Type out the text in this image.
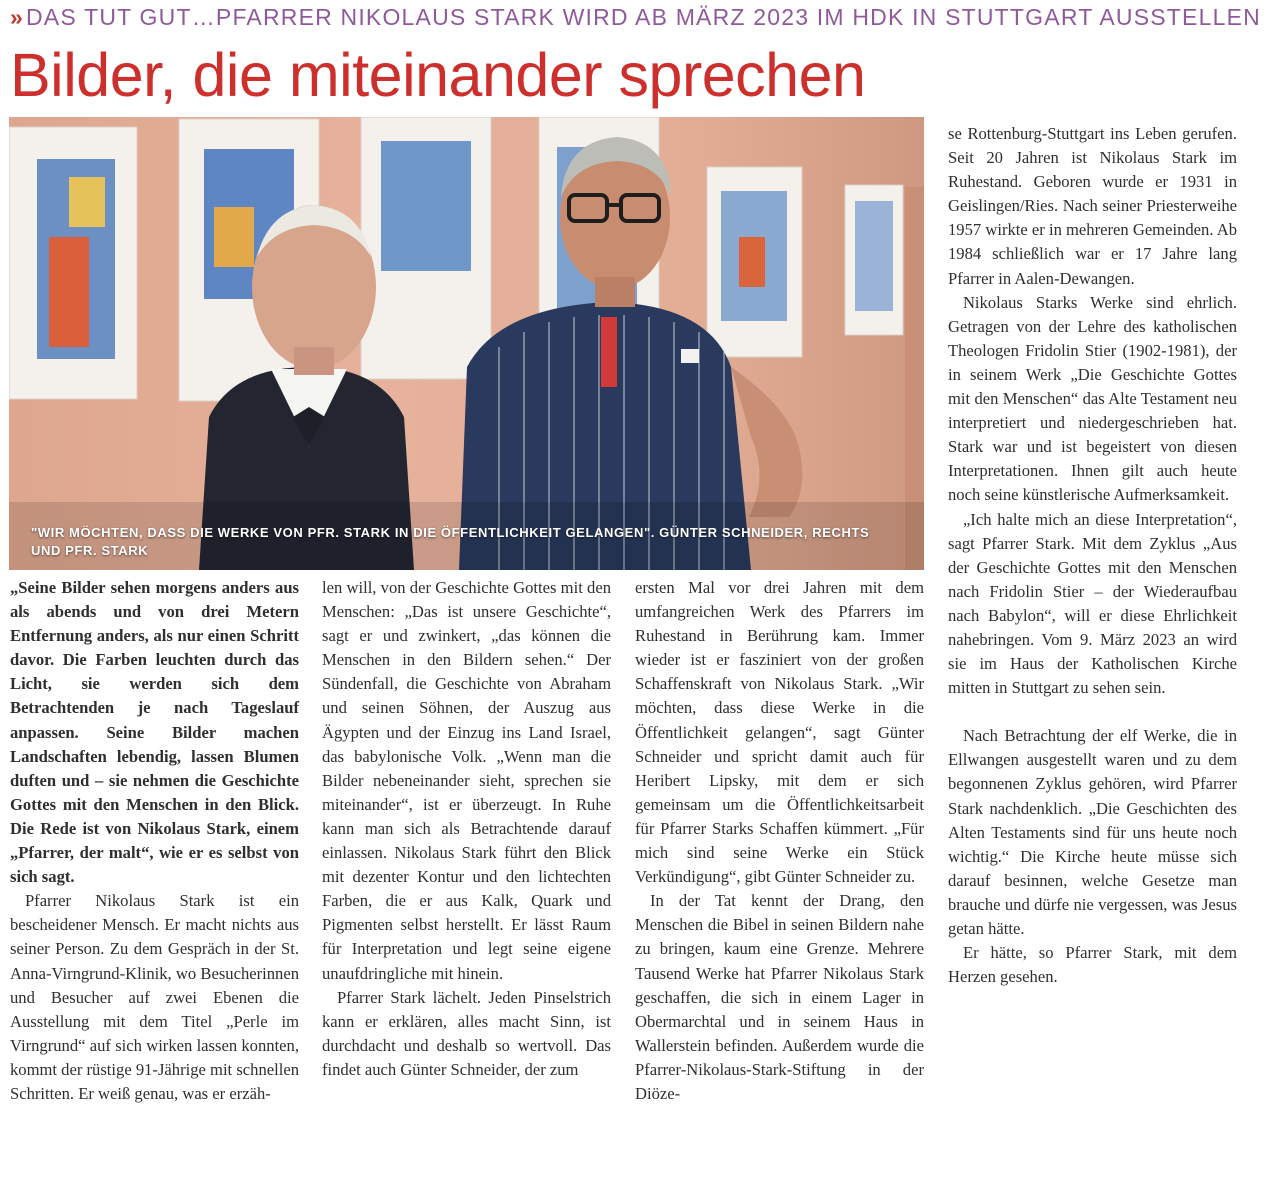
»DAS TUT GUT…PFARRER NIKOLAUS STARK WIRD AB MÄRZ 2023 IM HDK IN STUTTGART AUSSTELLEN
Bilder, die miteinander sprechen
"WIR MÖCHTEN, DASS DIE WERKE VON PFR. STARK IN DIE ÖFFENTLICHKEIT GELANGEN". GÜNTER SCHNEIDER, RECHTS UND PFR. STARK

„Seine Bilder sehen morgens anders aus als abends und von drei Metern Entfernung anders, als nur einen Schritt davor. Die Farben leuchten durch das Licht, sie werden sich dem Betrachtenden je nach Tageslauf anpassen. Seine Bilder machen Landschaften lebendig, lassen Blumen duften und – sie nehmen die Geschichte Gottes mit den Menschen in den Blick. Die Rede ist von Nikolaus Stark, einem „Pfarrer, der malt“, wie er es selbst von sich sagt.

Pfarrer Nikolaus Stark ist ein bescheidener Mensch. Er macht nichts aus seiner Person. Zu dem Gespräch in der St. Anna-Virngrund-Klinik, wo Besucherinnen und Besucher auf zwei Ebenen die Ausstellung mit dem Titel „Perle im Virngrund“ auf sich wirken lassen konnten, kommt der rüstige 91-Jährige mit schnellen Schritten. Er weiß genau, was er erzäh-

len will, von der Geschichte Gottes mit den Menschen: „Das ist unsere Geschichte“, sagt er und zwinkert, „das können die Menschen in den Bildern sehen.“ Der Sündenfall, die Geschichte von Abraham und seinen Söhnen, der Auszug aus Ägypten und der Einzug ins Land Israel, das babylonische Volk. „Wenn man die Bilder nebeneinander sieht, sprechen sie miteinander“, ist er überzeugt. In Ruhe kann man sich als Betrachtende darauf einlassen. Nikolaus Stark führt den Blick mit dezenter Kontur und den lichtechten Farben, die er aus Kalk, Quark und Pigmenten selbst herstellt. Er lässt Raum für Interpretation und legt seine eigene unaufdringliche mit hinein.

Pfarrer Stark lächelt. Jeden Pinselstrich kann er erklären, alles macht Sinn, ist durchdacht und deshalb so wertvoll. Das findet auch Günter Schneider, der zum

ersten Mal vor drei Jahren mit dem umfangreichen Werk des Pfarrers im Ruhestand in Berührung kam. Immer wieder ist er fasziniert von der großen Schaffenskraft von Nikolaus Stark. „Wir möchten, dass diese Werke in die Öffentlichkeit gelangen“, sagt Günter Schneider und spricht damit auch für Heribert Lipsky, mit dem er sich gemeinsam um die Öffentlichkeitsarbeit für Pfarrer Starks Schaffen kümmert. „Für mich sind seine Werke ein Stück Verkündigung“, gibt Günter Schneider zu.

In der Tat kennt der Drang, den Menschen die Bibel in seinen Bildern nahe zu bringen, kaum eine Grenze. Mehrere Tausend Werke hat Pfarrer Nikolaus Stark geschaffen, die sich in einem Lager in Obermarchtal und in seinem Haus in Wallerstein befinden. Außerdem wurde die Pfarrer-Nikolaus-Stark-Stiftung in der Diöze-

se Rottenburg-Stuttgart ins Leben gerufen. Seit 20 Jahren ist Nikolaus Stark im Ruhestand. Geboren wurde er 1931 in Geislingen/Ries. Nach seiner Priesterweihe 1957 wirkte er in mehreren Gemeinden. Ab 1984 schließlich war er 17 Jahre lang Pfarrer in Aalen-Dewangen.

Nikolaus Starks Werke sind ehrlich. Getragen von der Lehre des katholischen Theologen Fridolin Stier (1902-1981), der in seinem Werk „Die Geschichte Gottes mit den Menschen“ das Alte Testament neu interpretiert und niedergeschrieben hat. Stark war und ist begeistert von diesen Interpretationen. Ihnen gilt auch heute noch seine künstlerische Aufmerksamkeit.

„Ich halte mich an diese Interpretation“, sagt Pfarrer Stark. Mit dem Zyklus „Aus der Geschichte Gottes mit den Menschen nach Fridolin Stier – der Wiederaufbau nach Babylon“, will er diese Ehrlichkeit nahebringen. Vom 9. März 2023 an wird sie im Haus der Katholischen Kirche mitten in Stuttgart zu sehen sein.

Nach Betrachtung der elf Werke, die in Ellwangen ausgestellt waren und zu dem begonnenen Zyklus gehören, wird Pfarrer Stark nachdenklich. „Die Geschichten des Alten Testaments sind für uns heute noch wichtig.“ Die Kirche heute müsse sich darauf besinnen, welche Gesetze man brauche und dürfe nie vergessen, was Jesus getan hätte.

Er hätte, so Pfarrer Stark, mit dem Herzen gesehen.
